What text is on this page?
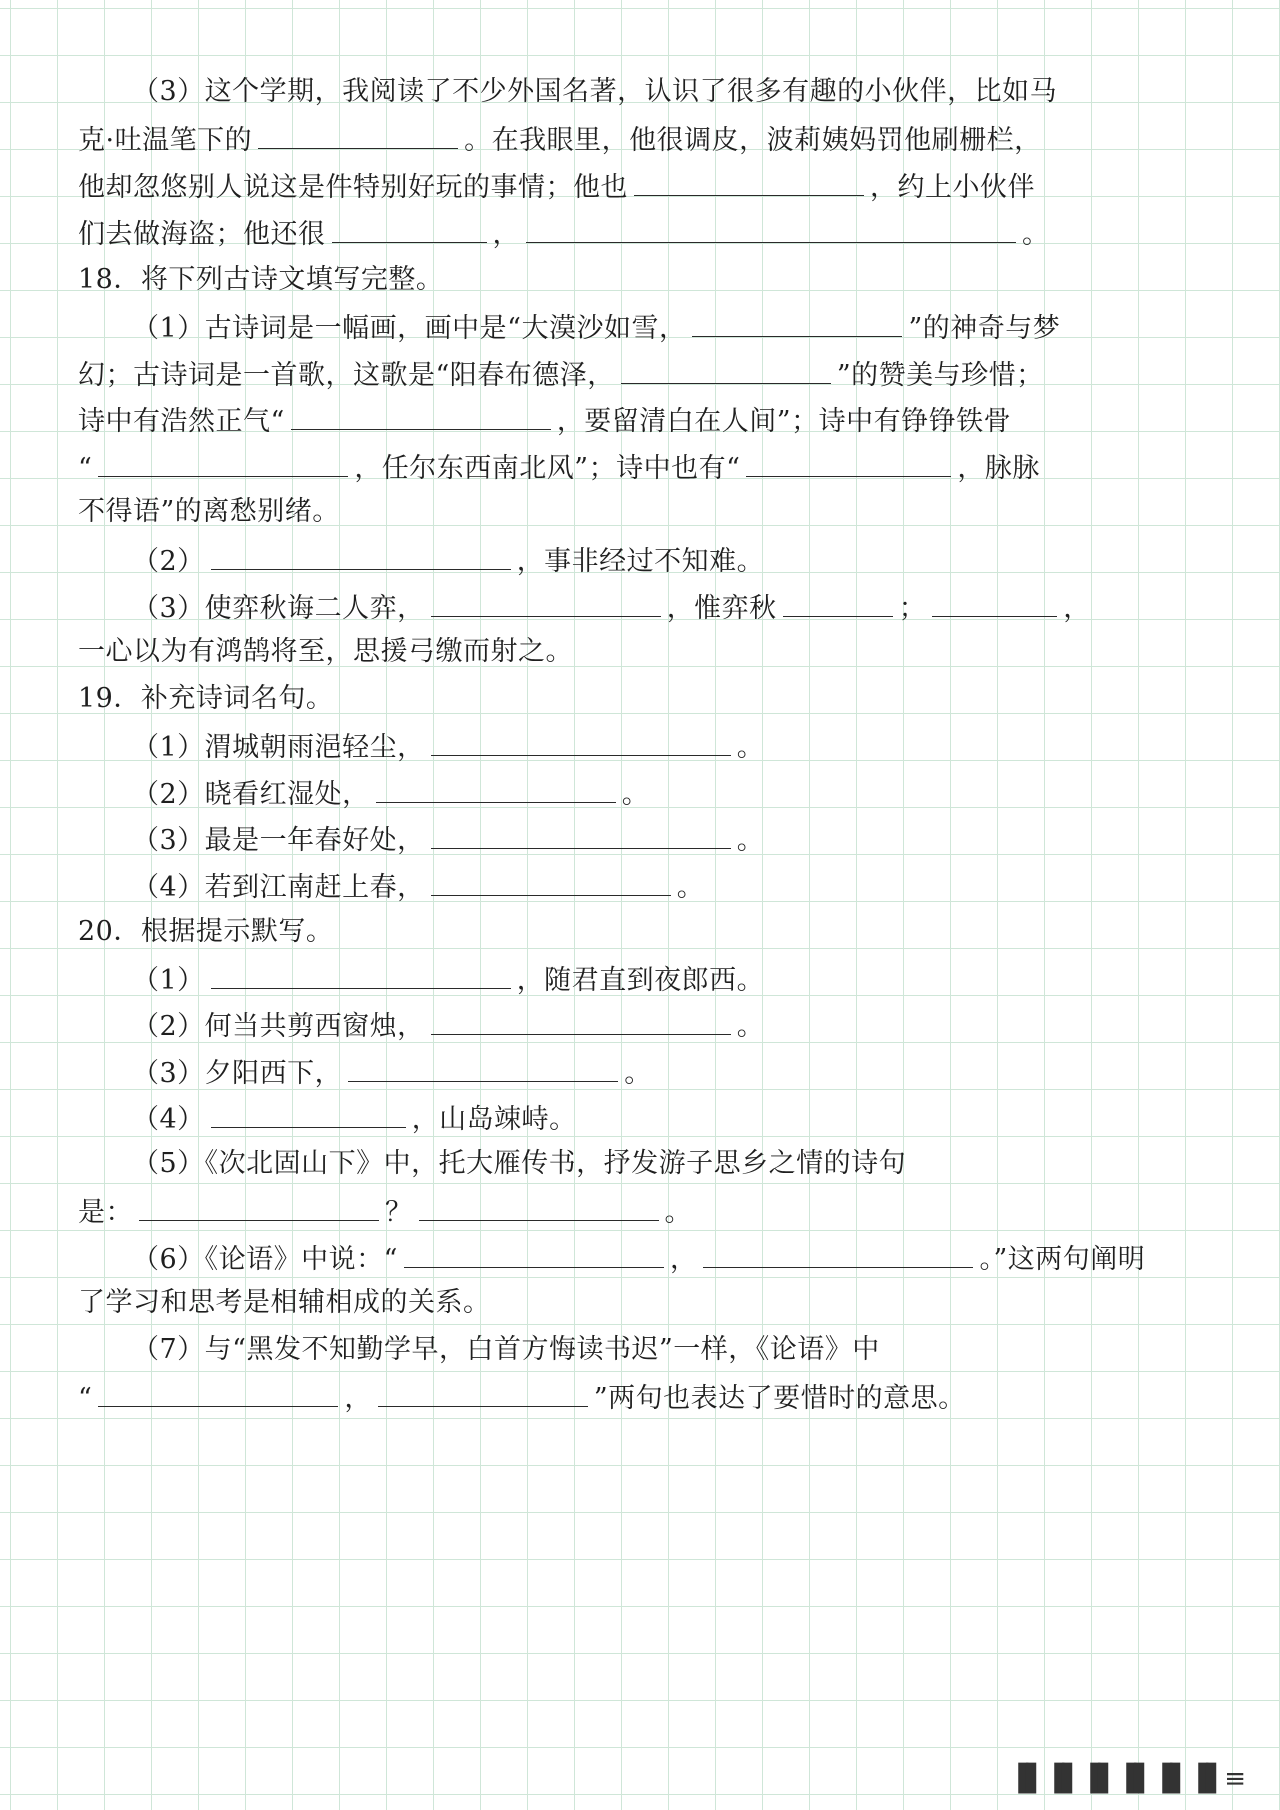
（3）这个学期，我阅读了不少外国名著，认识了很多有趣的小伙伴，比如马
克·吐温笔下的	。在我眼里，他很调皮，波莉姨妈罚他刷栅栏，
他却忽悠别人说这是件特别好玩的事情；他也	，约上小伙伴
们去做海盗；他还很	，	。
18．将下列古诗文填写完整。
（1）古诗词是一幅画，画中是“大漠沙如雪，	”的神奇与梦
幻；古诗词是一首歌，这歌是“阳春布德泽，	”的赞美与珍惜；
诗中有浩然正气“	，要留清白在人间”；诗中有铮铮铁骨
“	，任尔东西南北风”；诗中也有“	，脉脉
不得语”的离愁别绪。
（2）	，事非经过不知难。
（3）使弈秋诲二人弈，	，惟弈秋	；	，
一心以为有鸿鹄将至，思援弓缴而射之。
19．补充诗词名句。
（1）渭城朝雨浥轻尘，	。
（2）晓看红湿处，	。
（3）最是一年春好处，	。
（4）若到江南赶上春，	。
20．根据提示默写。
（1）	，随君直到夜郎西。
（2）何当共剪西窗烛，	。
（3）夕阳西下，	。
（4）	，山岛竦峙。
（5）《次北固山下》中，托大雁传书，抒发游子思乡之情的诗句
是：	？	。
（6）《论语》中说：“	，	。”这两句阐明
了学习和思考是相辅相成的关系。
（7）与“黑发不知勤学早，白首方悔读书迟”一样，《论语》中
“	，	”两句也表达了要惜时的意思。
▐▌▐▌▐▌▐▌▐▌▐▌≡
